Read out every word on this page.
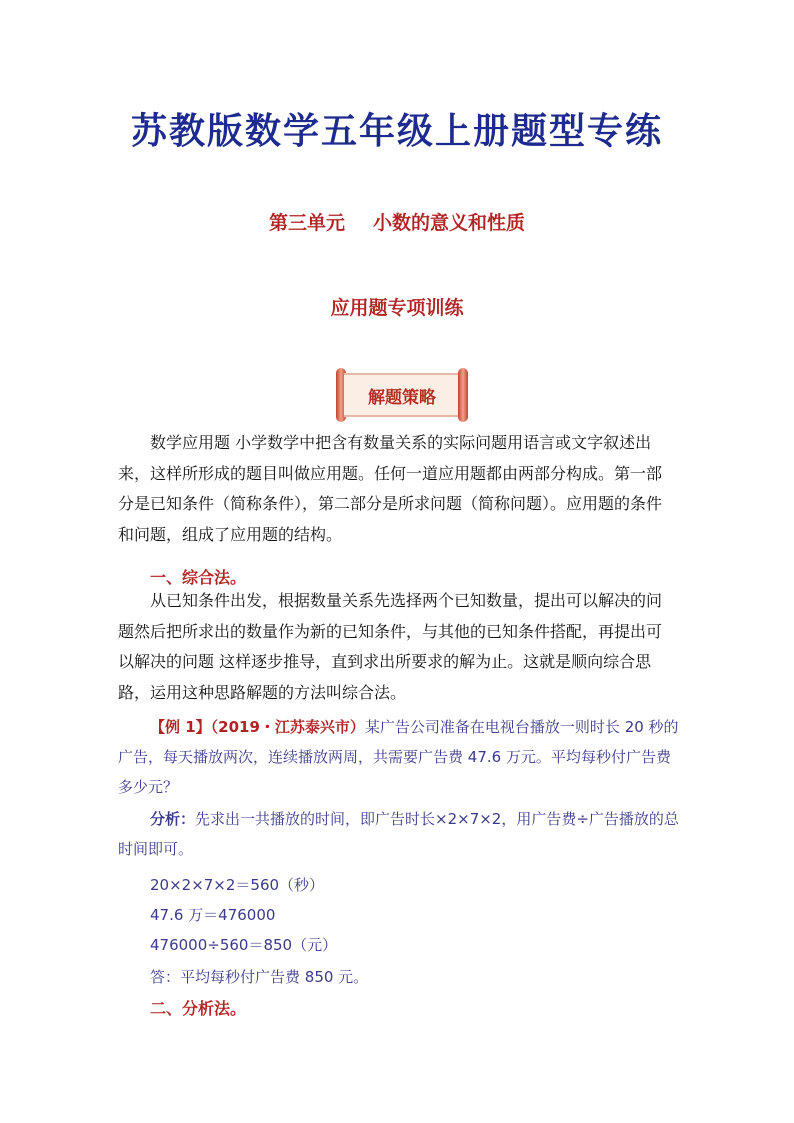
苏教版数学五年级上册题型专练
第三单元 小数的意义和性质
应用题专项训练
解题策略
数学应用题 小学数学中把含有数量关系的实际问题用语言或文字叙述出来，这样所形成的题目叫做应用题。任何一道应用题都由两部分构成。第一部分是已知条件（简称条件），第二部分是所求问题（简称问题）。应用题的条件和问题，组成了应用题的结构。
一、综合法。
从已知条件出发，根据数量关系先选择两个已知数量，提出可以解决的问题然后把所求出的数量作为新的已知条件，与其他的已知条件搭配，再提出可以解决的问题 这样逐步推导，直到求出所要求的解为止。这就是顺向综合思路，运用这种思路解题的方法叫综合法。
【例 1】（2019・江苏泰兴市）某广告公司准备在电视台播放一则时长 20 秒的广告，每天播放两次，连续播放两周，共需要广告费 47.6 万元。平均每秒付广告费多少元？
分析：先求出一共播放的时间，即广告时长×2×7×2，用广告费÷广告播放的总时间即可。
20×2×7×2＝560（秒）
47.6 万＝476000
476000÷560＝850（元）
答：平均每秒付广告费 850 元。
二、分析法。
